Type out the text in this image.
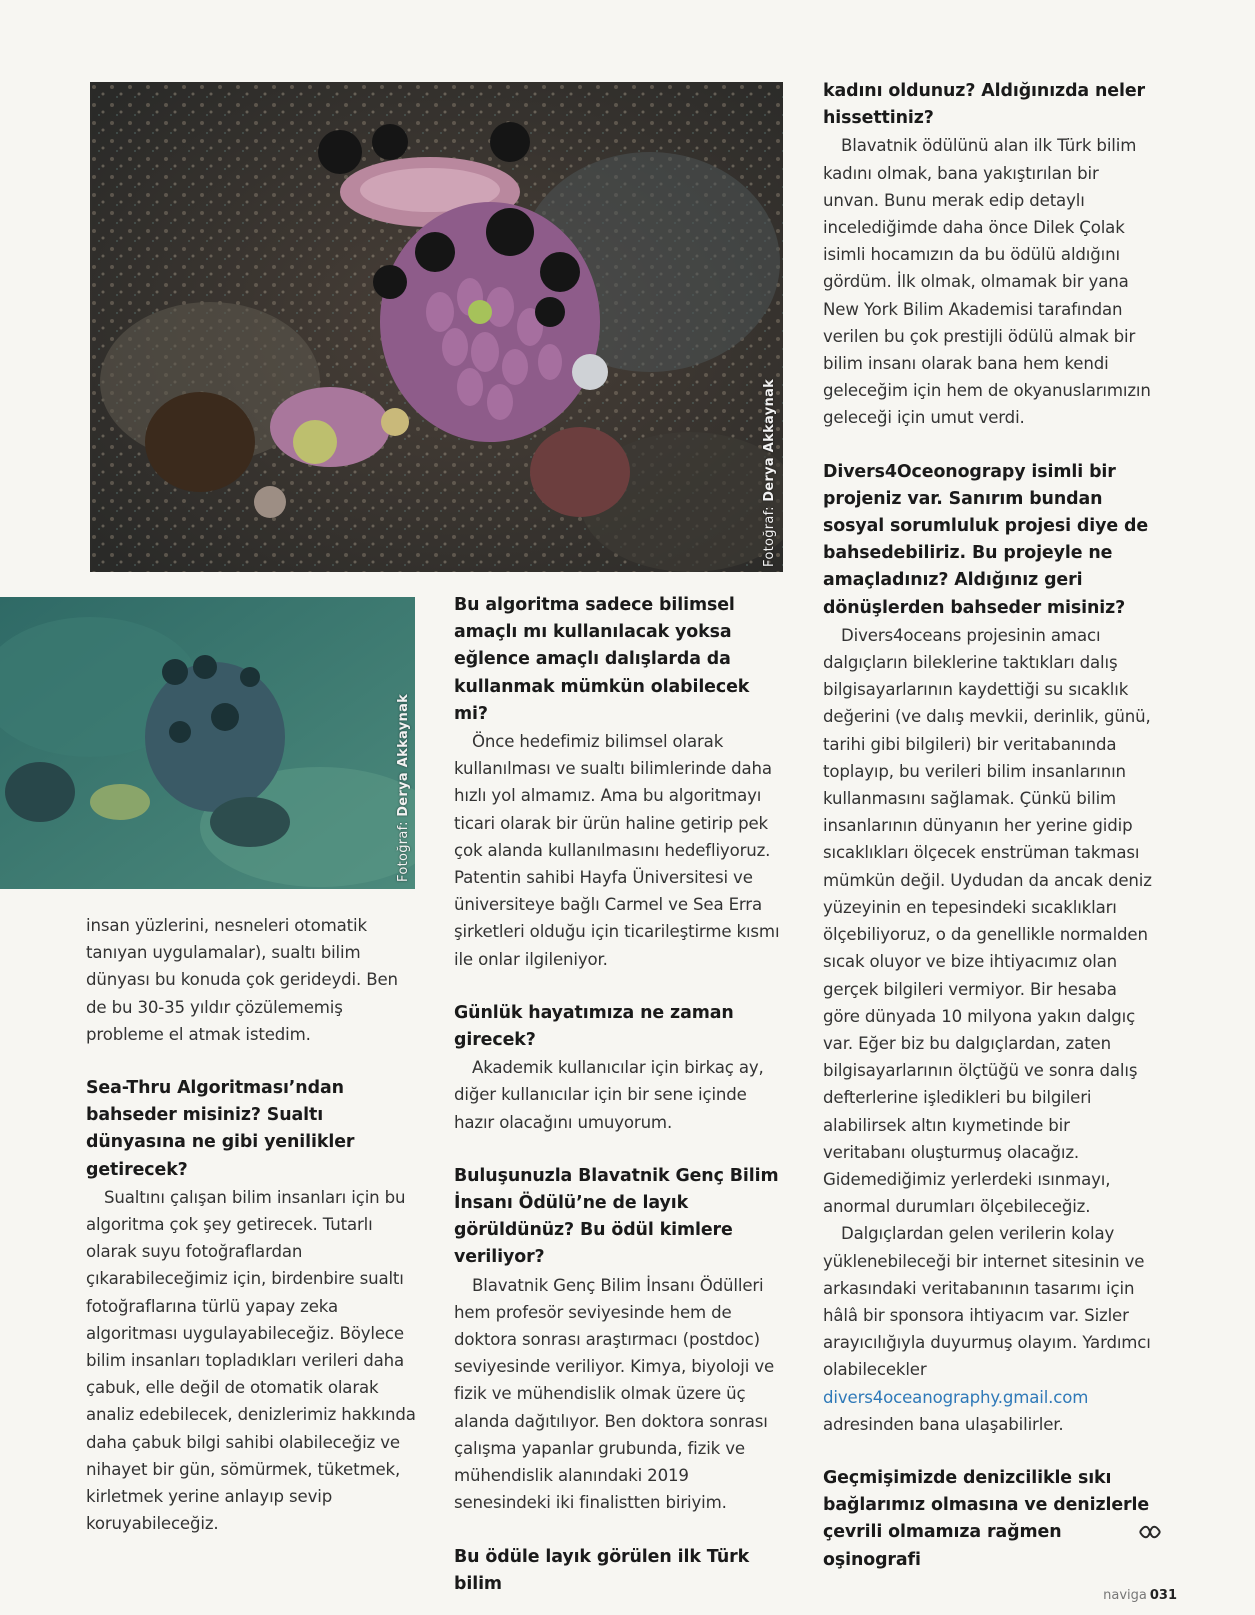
Fotoğraf: Derya Akkaynak
Fotoğraf: Derya Akkaynak

insan yüzlerini, nesneleri otomatik tanıyan uygulamalar), sualtı bilim dünyası bu konuda çok gerideydi. Ben de bu 30-35 yıldır çözülememiş probleme el atmak istedim.

Sea-Thru Algoritması’ndan bahseder misiniz? Sualtı dünyasına ne gibi yenilikler getirecek?

Sualtını çalışan bilim insanları için bu algoritma çok şey getirecek. Tutarlı olarak suyu fotoğraflardan çıkarabileceğimiz için, birdenbire sualtı fotoğraflarına türlü yapay zeka algoritması uygulayabileceğiz. Böylece bilim insanları topladıkları verileri daha çabuk, elle değil de otomatik olarak analiz edebilecek, denizlerimiz hakkında daha çabuk bilgi sahibi olabileceğiz ve nihayet bir gün, sömürmek, tüketmek, kirletmek yerine anlayıp sevip koruyabileceğiz.

Bu algoritma sadece bilimsel amaçlı mı kullanılacak yoksa eğlence amaçlı dalışlarda da kullanmak mümkün olabilecek mi?

Önce hedefimiz bilimsel olarak kullanılması ve sualtı bilimlerinde daha hızlı yol almamız. Ama bu algoritmayı ticari olarak bir ürün haline getirip pek çok alanda kullanılmasını hedefliyoruz. Patentin sahibi Hayfa Üniversitesi ve üniversiteye bağlı Carmel ve Sea Erra şirketleri olduğu için ticarileştirme kısmı ile onlar ilgileniyor.

Günlük hayatımıza ne zaman girecek?

Akademik kullanıcılar için birkaç ay, diğer kullanıcılar için bir sene içinde hazır olacağını umuyorum.

Buluşunuzla Blavatnik Genç Bilim İnsanı Ödülü’ne de layık görüldünüz? Bu ödül kimlere veriliyor?

Blavatnik Genç Bilim İnsanı Ödülleri hem profesör seviyesinde hem de doktora sonrası araştırmacı (postdoc) seviyesinde veriliyor. Kimya, biyoloji ve fizik ve mühendislik olmak üzere üç alanda dağıtılıyor. Ben doktora sonrası çalışma yapanlar grubunda, fizik ve mühendislik alanındaki 2019 senesindeki iki finalistten biriyim.

Bu ödüle layık görülen ilk Türk bilim

kadını oldunuz? Aldığınızda neler hissettiniz?

Blavatnik ödülünü alan ilk Türk bilim kadını olmak, bana yakıştırılan bir unvan. Bunu merak edip detaylı incelediğimde daha önce Dilek Çolak isimli hocamızın da bu ödülü aldığını gördüm. İlk olmak, olmamak bir yana New York Bilim Akademisi tarafından verilen bu çok prestijli ödülü almak bir bilim insanı olarak bana hem kendi geleceğim için hem de okyanuslarımızın geleceği için umut verdi.

Divers4Oceonograpy isimli bir projeniz var. Sanırım bundan sosyal sorumluluk projesi diye de bahsedebiliriz. Bu projeyle ne amaçladınız? Aldığınız geri dönüşlerden bahseder misiniz?

Divers4oceans projesinin amacı dalgıçların bileklerine taktıkları dalış bilgisayarlarının kaydettiği su sıcaklık değerini (ve dalış mevkii, derinlik, günü, tarihi gibi bilgileri) bir veritabanında toplayıp, bu verileri bilim insanlarının kullanmasını sağlamak. Çünkü bilim insanlarının dünyanın her yerine gidip sıcaklıkları ölçecek enstrüman takması mümkün değil. Uydudan da ancak deniz yüzeyinin en tepesindeki sıcaklıkları ölçebiliyoruz, o da genellikle normalden sıcak oluyor ve bize ihtiyacımız olan gerçek bilgileri vermiyor. Bir hesaba göre dünyada 10 milyona yakın dalgıç var. Eğer biz bu dalgıçlardan, zaten bilgisayarlarının ölçtüğü ve sonra dalış defterlerine işledikleri bu bilgileri alabilirsek altın kıymetinde bir veritabanı oluşturmuş olacağız. Gidemediğimiz yerlerdeki ısınmayı, anormal durumları ölçebileceğiz.

Dalgıçlardan gelen verilerin kolay yüklenebileceği bir internet sitesinin ve arkasındaki veritabanının tasarımı için hâlâ bir sponsora ihtiyacım var. Sizler arayıcılığıyla duyurmuş olayım. Yardımcı olabilecekler divers4oceanography.gmail.com adresinden bana ulaşabilirler.

Geçmişimizde denizcilikle sıkı bağlarımız olmasına ve denizlerle çevrili olmamıza rağmen oşinografi

naviga 031
